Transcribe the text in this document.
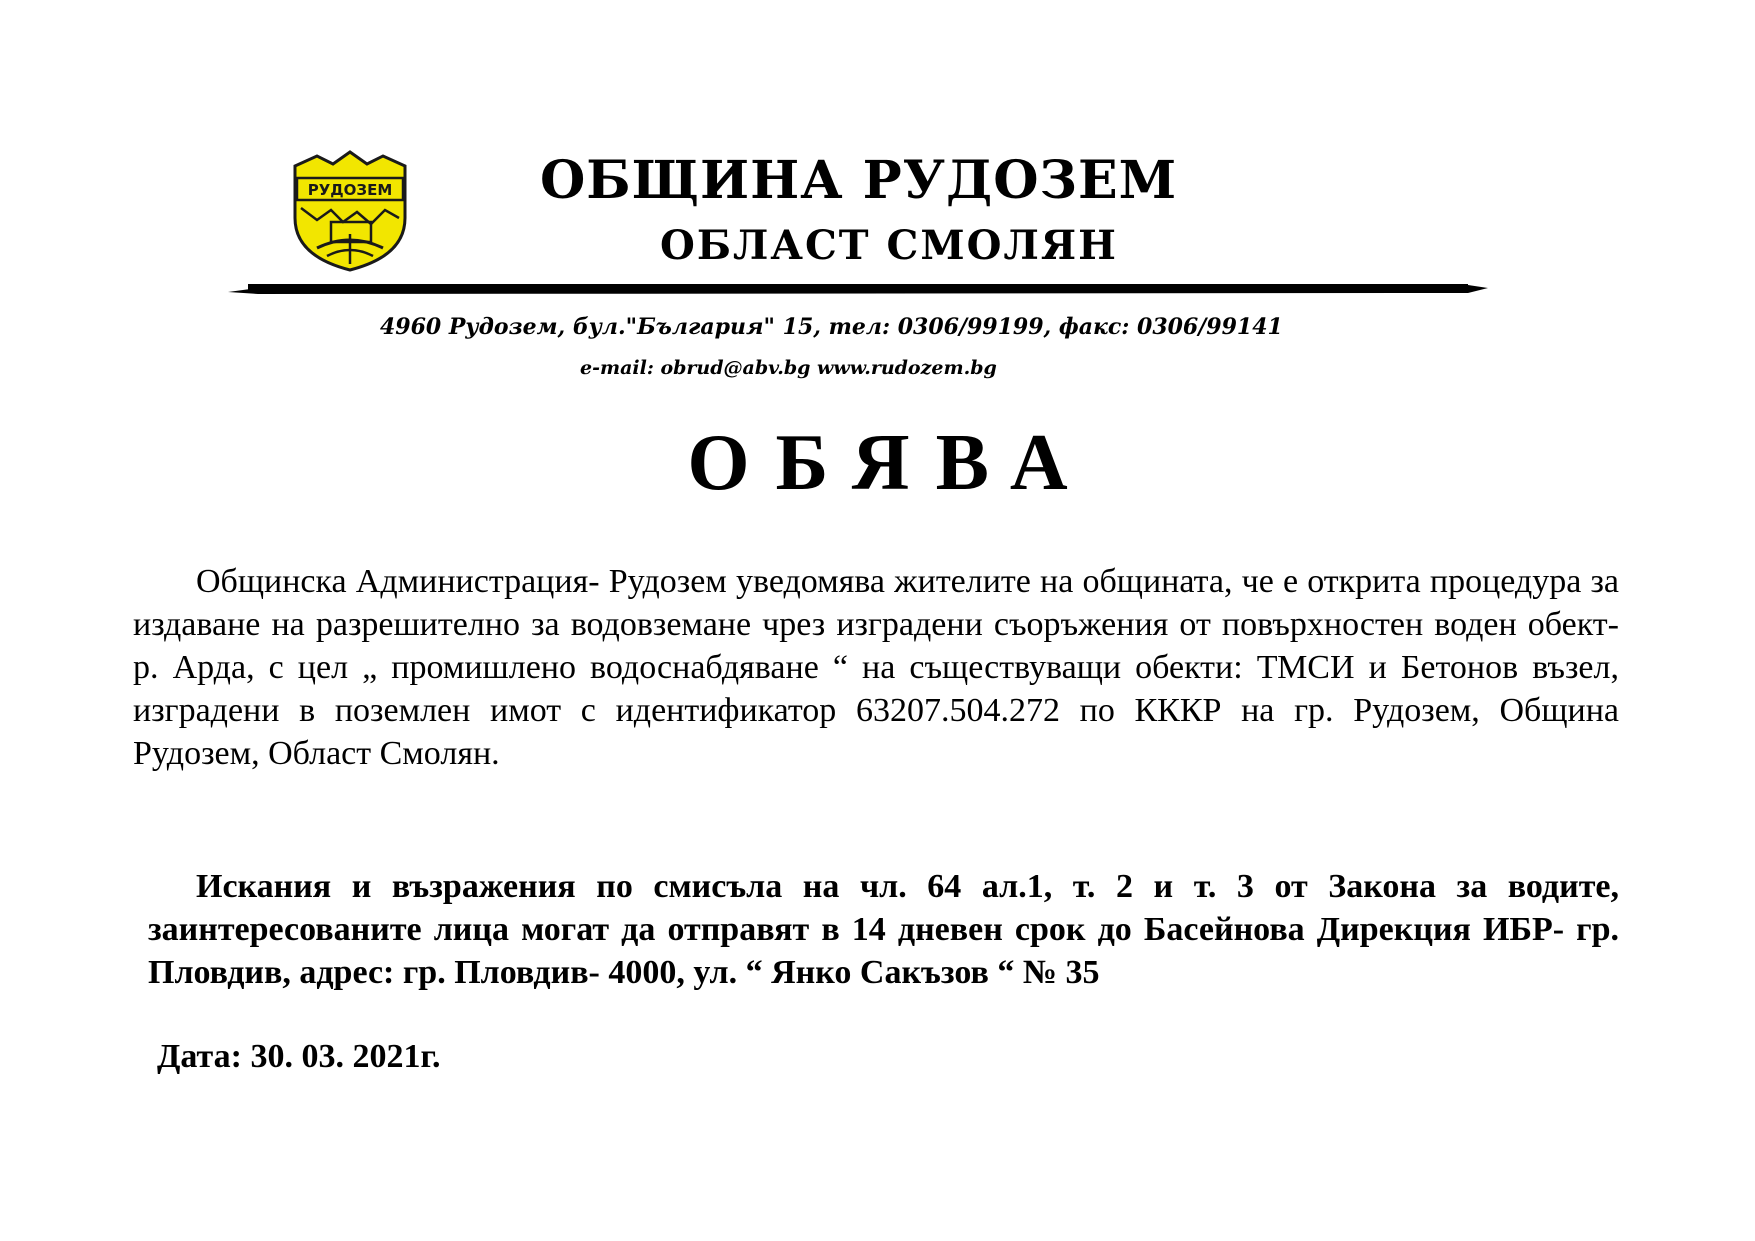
РУДОЗЕМ	ОБЩИНА РУДОЗЕМ
ОБЛАСТ СМОЛЯН
4960 Рудозем, бул."България" 15, тел: 0306/99199, факс: 0306/99141
e-mail: obrud@abv.bg www.rudozem.bg
ОБЯВА
Общинска Администрация- Рудозем уведомява жителите на общината, че е открита процедура за издаване на разрешително за водовземане чрез изградени съоръжения от повърхностен воден обект- р. Арда, с цел „ промишлено водоснабдяване “ на съществуващи обекти: ТМСИ и Бетонов възел, изградени в поземлен имот с идентификатор 63207.504.272 по КККР на гр. Рудозем, Община Рудозем, Област Смолян.
Искания и възражения по смисъла на чл. 64 ал.1, т. 2 и т. 3 от Закона за водите, заинтересованите лица могат да отправят в 14 дневен срок до Басейнова Дирекция ИБР- гр. Пловдив, адрес: гр. Пловдив- 4000, ул. “ Янко Сакъзов “ № 35
Дата: 30. 03. 2021г.
